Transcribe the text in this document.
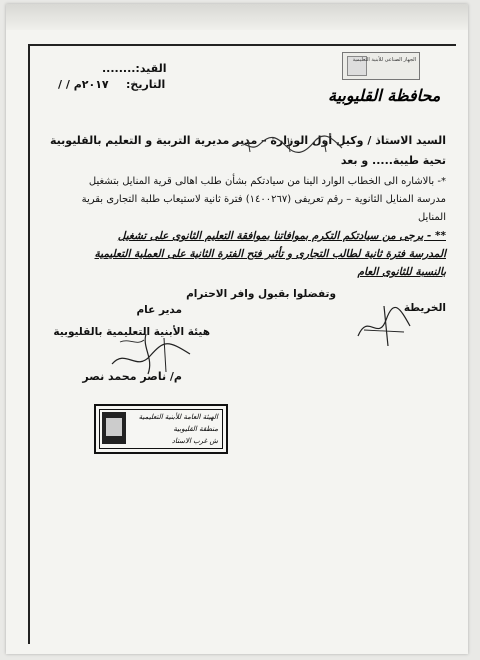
الجهاز الصناعى للأبنية التعليمية
محافظة القليوبية
القيد:........
التاريخ:
/ / ٢٠١٧م
السيد الاستاذ / وكيل أول الوزارة – مدير مديرية التربية و التعليم بالقليوبية
تحية طيبة..... و بعد
*- بالاشاره الى الخطاب الوارد الينا من سيادتكم بشأن طلب اهالى قرية المنايل بتشغيل
مدرسة المنايل الثانوية – رقم تعريفى (١٤٠٠٢٦٧) فترة ثانية لاستيعاب طلبة التجارى بقرية
المنايل
** - يرجى من سيادتكم التكرم بموافاتنا بموافقة التعليم الثانوى على تشغيل
المدرسة فترة ثانية لطالب التجارى و تأثير فتح الفترة الثانية على العملية التعليمية
بالنسبة للثانوى العام
وتفضلوا بقبول وافر الاحترام
الخريطة
مدير عام
هيئة الأبنية التعليمية بالقليوبية
م/ ناصر محمد نصر
الهيئة العامة للأبنية التعليمية
منطقة القليوبية
ش غرب الاستاد
